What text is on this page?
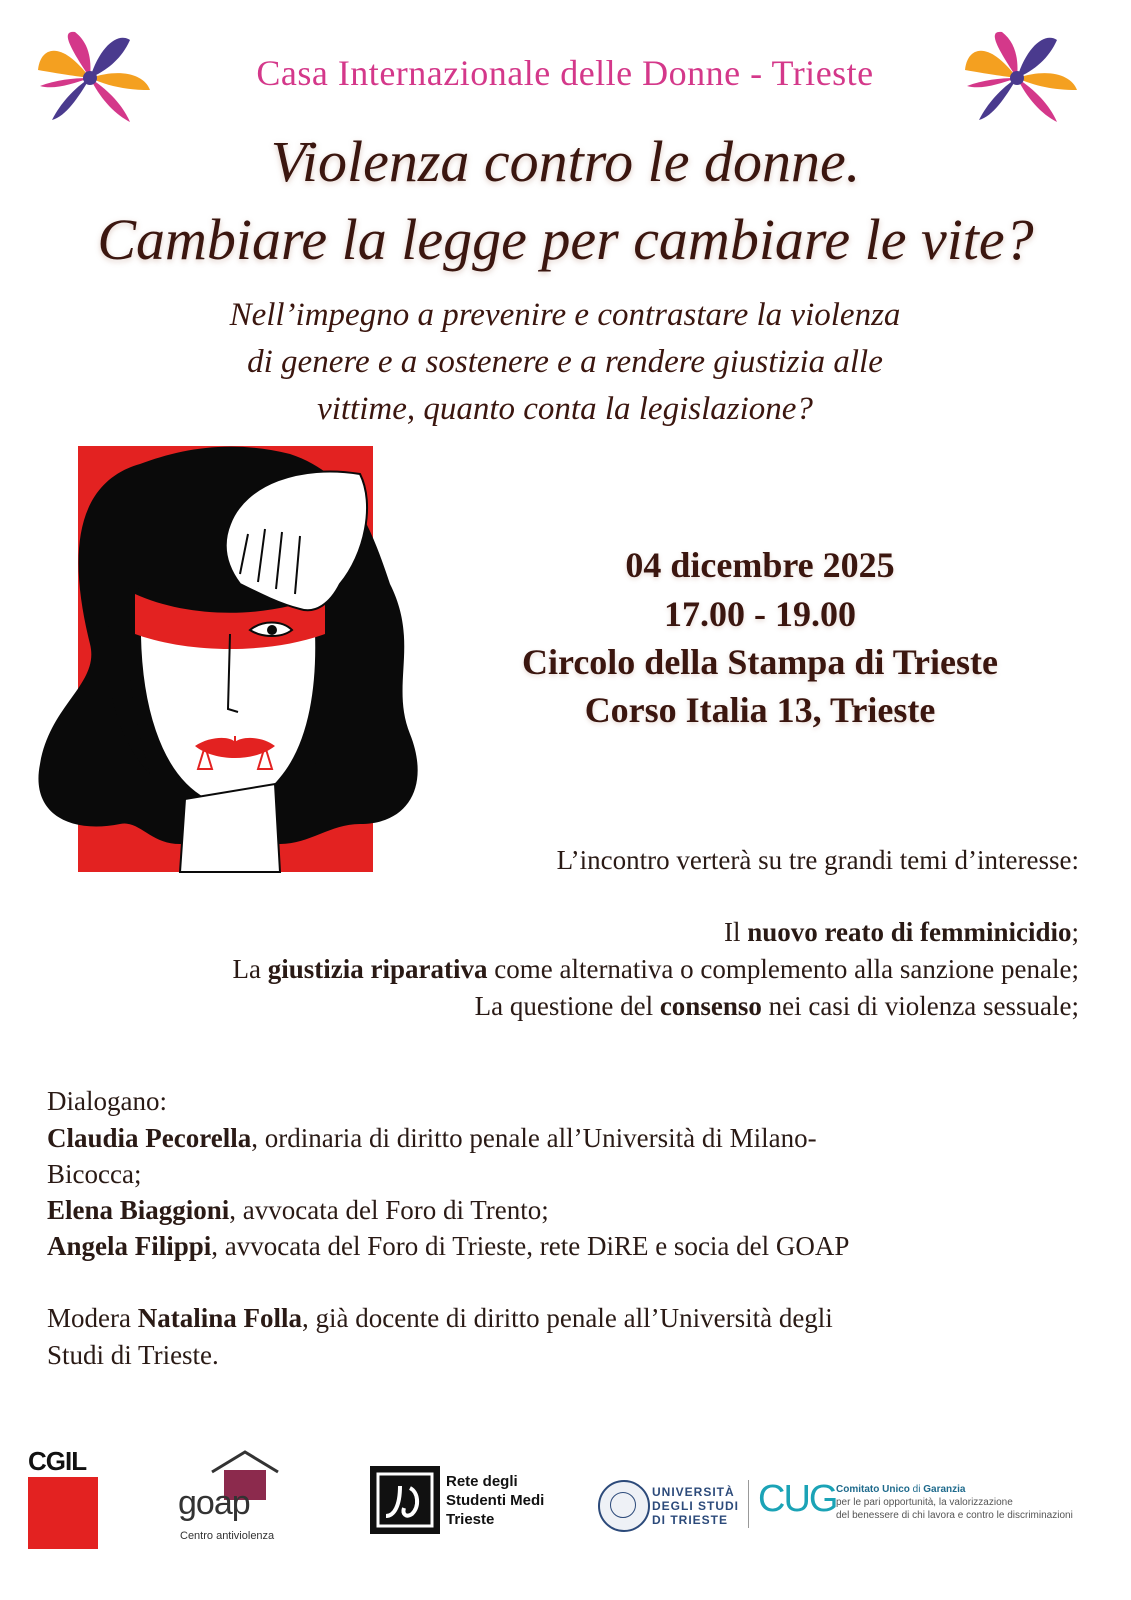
Casa Internazionale delle Donne - Trieste
Violenza contro le donne.
Cambiare la legge per cambiare le vite?
Nell’impegno a prevenire e contrastare la violenza
di genere e a sostenere e a rendere giustizia alle
vittime, quanto conta la legislazione?
04 dicembre 2025
17.00 - 19.00
Circolo della Stampa di Trieste
Corso Italia 13, Trieste
L’incontro verterà su tre grandi temi d’interesse:
Il nuovo reato di femminicidio;
La giustizia riparativa come alternativa o complemento alla sanzione penale;
La questione del consenso nei casi di violenza sessuale;
Dialogano:
Claudia Pecorella, ordinaria di diritto penale all’Università di Milano-
Bicocca;
Elena Biaggioni, avvocata del Foro di Trento;
Angela Filippi, avvocata del Foro di Trieste, rete DiRE e socia del GOAP
Modera Natalina Folla, già docente di diritto penale all’Università degli
Studi di Trieste.
CGIL
goap
Centro antiviolenza
Rete degli
Studenti Medi
Trieste
UNIVERSITÀ
DEGLI STUDI
DI TRIESTE CUG Comitato Unico di Garanzia
per le pari opportunità, la valorizzazione
del benessere di chi lavora e contro le discriminazioni
